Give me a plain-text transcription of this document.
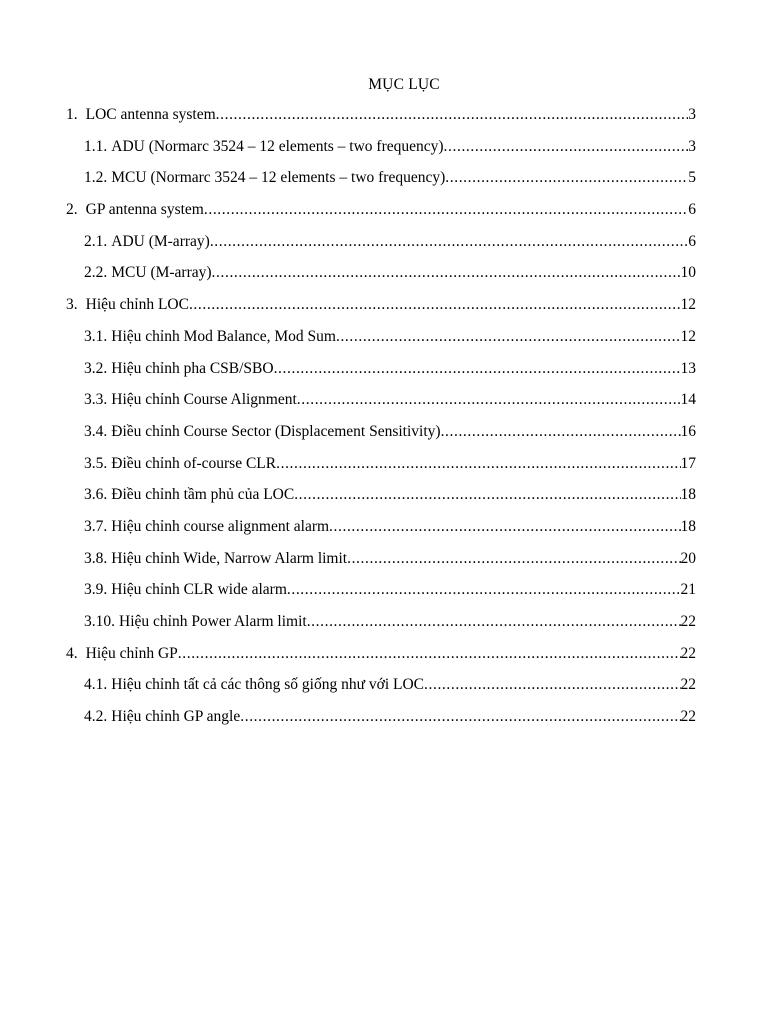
MỤC LỤC
1. LOC antenna system .....	3
1.1. ADU (Normarc 3524 – 12 elements – two frequency) .....	3
1.2. MCU (Normarc 3524 – 12 elements – two frequency) .....	5
2. GP antenna system .....	6
2.1. ADU (M-array) .....	6
2.2. MCU (M-array) .....	10
3. Hiệu chỉnh LOC .....	12
3.1. Hiệu chỉnh Mod Balance, Mod Sum .....	12
3.2. Hiệu chỉnh pha CSB/SBO .....	13
3.3. Hiệu chỉnh Course Alignment .....	14
3.4. Điều chỉnh Course Sector (Displacement Sensitivity) .....	16
3.5. Điều chỉnh of-course CLR .....	17
3.6. Điều chỉnh tầm phủ của LOC .....	18
3.7. Hiệu chỉnh course alignment alarm .....	18
3.8. Hiệu chỉnh Wide, Narrow Alarm limit .....	20
3.9. Hiệu chỉnh CLR wide alarm .....	21
3.10. Hiệu chỉnh Power Alarm limit .....	22
4. Hiệu chỉnh GP .....	22
4.1. Hiệu chỉnh tất cả các thông số giống như với LOC .....	22
4.2. Hiệu chỉnh GP angle .....	22
